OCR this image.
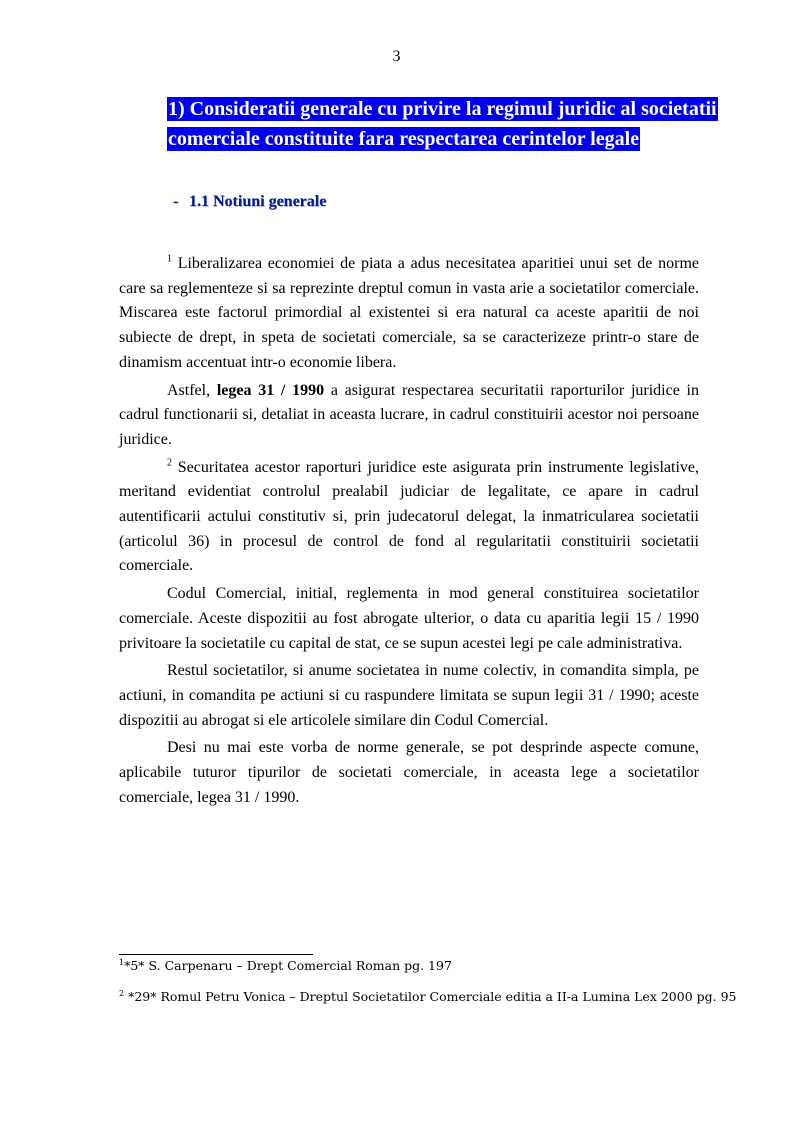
3
1) Consideratii generale cu privire la regimul juridic al societatii
comerciale constituite fara respectarea cerintelor legale
- 1.1 Notiuni generale

$^1$ Liberalizarea economiei de piata a adus necesitatea aparitiei unui set de norme care sa reglementeze si sa reprezinte dreptul comun in vasta arie a societatilor comerciale. Miscarea este factorul primordial al existentei si era natural ca aceste aparitii de noi subiecte de drept, in speta de societati comerciale, sa se caracterizeze printr-o stare de dinamism accentuat intr-o economie libera.

Astfel, legea 31 / 1990 a asigurat respectarea securitatii raporturilor juridice in cadrul functionarii si, detaliat in aceasta lucrare, in cadrul constituirii acestor noi persoane juridice.

$^2$ Securitatea acestor raporturi juridice este asigurata prin instrumente legislative, meritand evidentiat controlul prealabil judiciar de legalitate, ce apare in cadrul autentificarii actului constitutiv si, prin judecatorul delegat, la inmatricularea societatii (articolul 36) in procesul de control de fond al regularitatii constituirii societatii comerciale.

Codul Comercial, initial, reglementa in mod general constituirea societatilor comerciale. Aceste dispozitii au fost abrogate ulterior, o data cu aparitia legii 15 / 1990 privitoare la societatile cu capital de stat, ce se supun acestei legi pe cale administrativa.

Restul societatilor, si anume societatea in nume colectiv, in comandita simpla, pe actiuni, in comandita pe actiuni si cu raspundere limitata se supun legii 31 / 1990; aceste dispozitii au abrogat si ele articolele similare din Codul Comercial.

Desi nu mai este vorba de norme generale, se pot desprinde aspecte comune, aplicabile tuturor tipurilor de societati comerciale, in aceasta lege a societatilor comerciale, legea 31 / 1990.

$^1$*5* S. Carpenaru – Drept Comercial Roman pg. 197
$^2$ *29* Romul Petru Vonica – Dreptul Societatilor Comerciale editia a II-a Lumina Lex 2000 pg. 95
